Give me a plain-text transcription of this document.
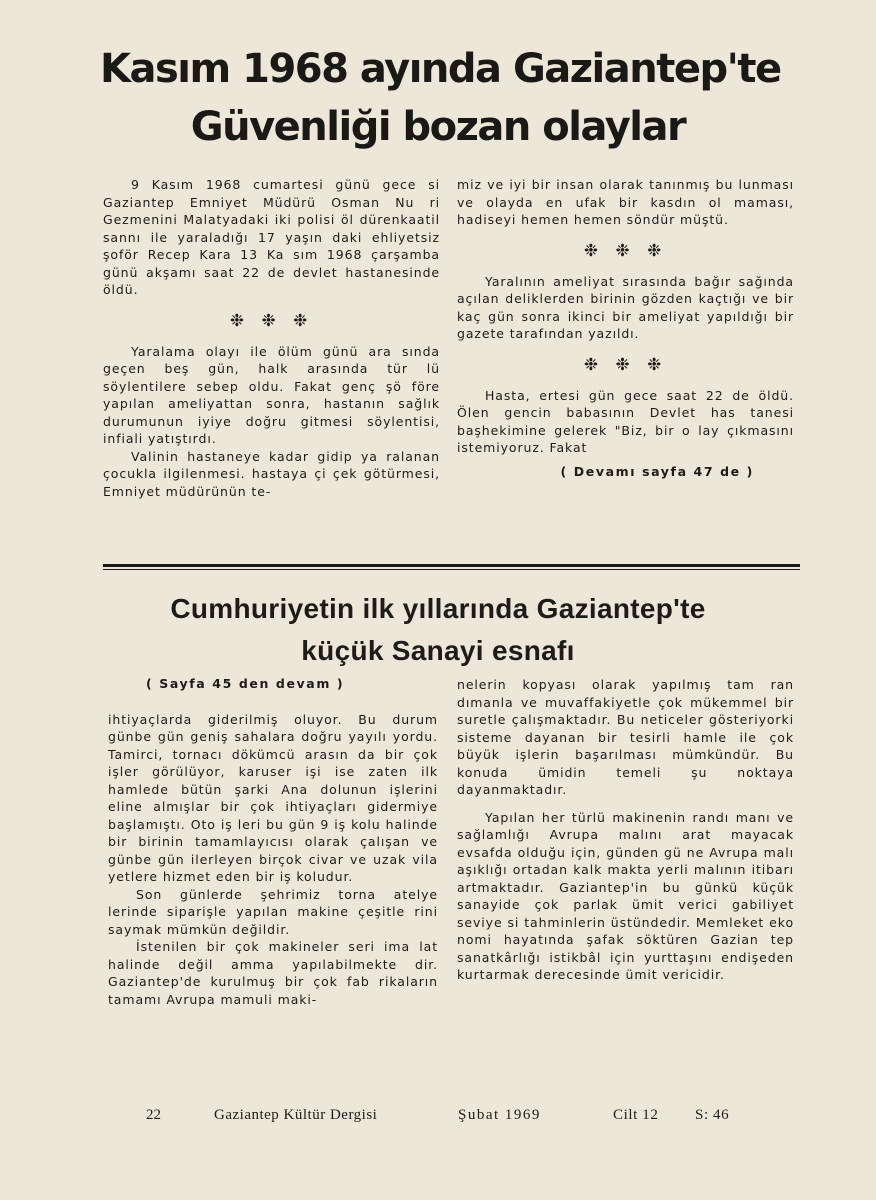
Kasım 1968 ayında Gaziantep'te
Güvenliği bozan olaylar

9 Kasım 1968 cumartesi günü gece si Gaziantep Emniyet Müdürü Osman Nu ri Gezmenini Malatyadaki iki polisi öl dürenkaatil sannı ile yaraladığı 17 yaşın daki ehliyetsiz şoför Recep Kara 13 Ka sım 1968 çarşamba günü akşamı saat 22 de devlet hastanesinde öldü.

❉ ❉ ❉

Yaralama olayı ile ölüm günü ara sında geçen beş gün, halk arasında tür lü söylentilere sebep oldu. Fakat genç şö före yapılan ameliyattan sonra, hastanın sağlık durumunun iyiye doğru gitmesi söylentisi, infiali yatıştırdı.

Valinin hastaneye kadar gidip ya ralanan çocukla ilgilenmesi. hastaya çi çek götürmesi, Emniyet müdürünün te-

miz ve iyi bir insan olarak tanınmış bu lunması ve olayda en ufak bir kasdın ol maması, hadiseyi hemen hemen söndür müştü.

❉ ❉ ❉

Yaralının ameliyat sırasında bağır sağında açılan deliklerden birinin gözden kaçtığı ve bir kaç gün sonra ikinci bir ameliyat yapıldığı bir gazete tarafından yazıldı.

❉ ❉ ❉

Hasta, ertesi gün gece saat 22 de öldü. Ölen gencin babasının Devlet has tanesi başhekimine gelerek "Biz, bir o lay çıkmasını istemiyoruz. Fakat

( Devamı sayfa 47 de )

Cumhuriyetin ilk yıllarında Gaziantep'te
küçük Sanayi esnafı

( Sayfa 45 den devam )

ihtiyaçlarda giderilmiş oluyor. Bu durum günbe gün geniş sahalara doğru yayılı yordu. Tamirci, tornacı dökümcü arasın da bir çok işler görülüyor, karuser işi ise zaten ilk hamlede bütün şarki Ana dolunun işlerini eline almışlar bir çok ihtiyaçları gidermiye başlamıştı. Oto iş leri bu gün 9 iş kolu halinde bir birinin tamamlayıcısı olarak çalışan ve günbe gün ilerleyen birçok civar ve uzak vila yetlere hizmet eden bir iş koludur.

Son günlerde şehrimiz torna atelye lerinde siparişle yapılan makine çeşitle rini saymak mümkün değildir.

İstenilen bir çok makineler seri ima lat halinde değil amma yapılabilmekte dir. Gaziantep'de kurulmuş bir çok fab rikaların tamamı Avrupa mamuli maki-

nelerin kopyası olarak yapılmış tam ran dımanla ve muvaffakiyetle çok mükemmel bir suretle çalışmaktadır. Bu neticeler gösteriyorki sisteme dayanan bir tesirli hamle ile çok büyük işlerin başarılması mümkündür. Bu konuda ümidin temeli şu noktaya dayanmaktadır.

Yapılan her türlü makinenin randı manı ve sağlamlığı Avrupa malını arat mayacak evsafda olduğu için, günden gü ne Avrupa malı aşıklığı ortadan kalk makta yerli malının itibarı artmaktadır. Gaziantep'in bu günkü küçük sanayide çok parlak ümit verici gabiliyet seviye si tahminlerin üstündedir. Memleket eko nomi hayatında şafak söktüren Gazian tep sanatkârlığı istikbâl için yurttaşını endişeden kurtarmak derecesinde ümit vericidir.

22	Gaziantep Kültür Dergisi	Şubat 1969	Cilt 12 S: 46
